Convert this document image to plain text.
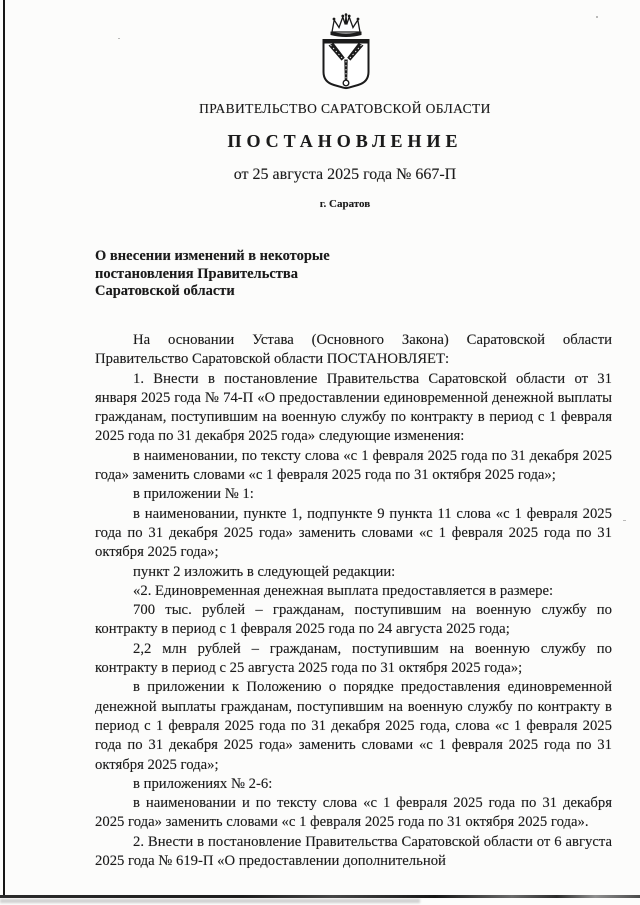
ПРАВИТЕЛЬСТВО САРАТОВСКОЙ ОБЛАСТИ
ПОСТАНОВЛЕНИЕ
от 25 августа 2025 года № 667-П
г. Саратов
О внесении изменений в некоторые
постановления Правительства
Саратовской области

На основании Устава (Основного Закона) Саратовской области Правительство Саратовской области ПОСТАНОВЛЯЕТ:

1. Внести в постановление Правительства Саратовской области от 31 января 2025 года № 74-П «О предоставлении единовременной денежной выплаты гражданам, поступившим на военную службу по контракту в период с 1 февраля 2025 года по 31 декабря 2025 года» следующие изменения:

в наименовании, по тексту слова «с 1 февраля 2025 года по 31 декабря 2025 года» заменить словами «с 1 февраля 2025 года по 31 октября 2025 года»;

в приложении № 1:

в наименовании, пункте 1, подпункте 9 пункта 11 слова «с 1 февраля 2025 года по 31 декабря 2025 года» заменить словами «с 1 февраля 2025 года по 31 октября 2025 года»;

пункт 2 изложить в следующей редакции:

«2. Единовременная денежная выплата предоставляется в размере:

700 тыс. рублей – гражданам, поступившим на военную службу по контракту в период с 1 февраля 2025 года по 24 августа 2025 года;

2,2 млн рублей – гражданам, поступившим на военную службу по контракту в период с 25 августа 2025 года по 31 октября 2025 года»;

в приложении к Положению о порядке предоставления единовременной денежной выплаты гражданам, поступившим на военную службу по контракту в период с 1 февраля 2025 года по 31 декабря 2025 года, слова «с 1 февраля 2025 года по 31 декабря 2025 года» заменить словами «с 1 февраля 2025 года по 31 октября 2025 года»;

в приложениях № 2-6:

в наименовании и по тексту слова «с 1 февраля 2025 года по 31 декабря 2025 года» заменить словами «с 1 февраля 2025 года по 31 октября 2025 года».

2. Внести в постановление Правительства Саратовской области от 6 августа 2025 года № 619-П «О предоставлении дополнительной
